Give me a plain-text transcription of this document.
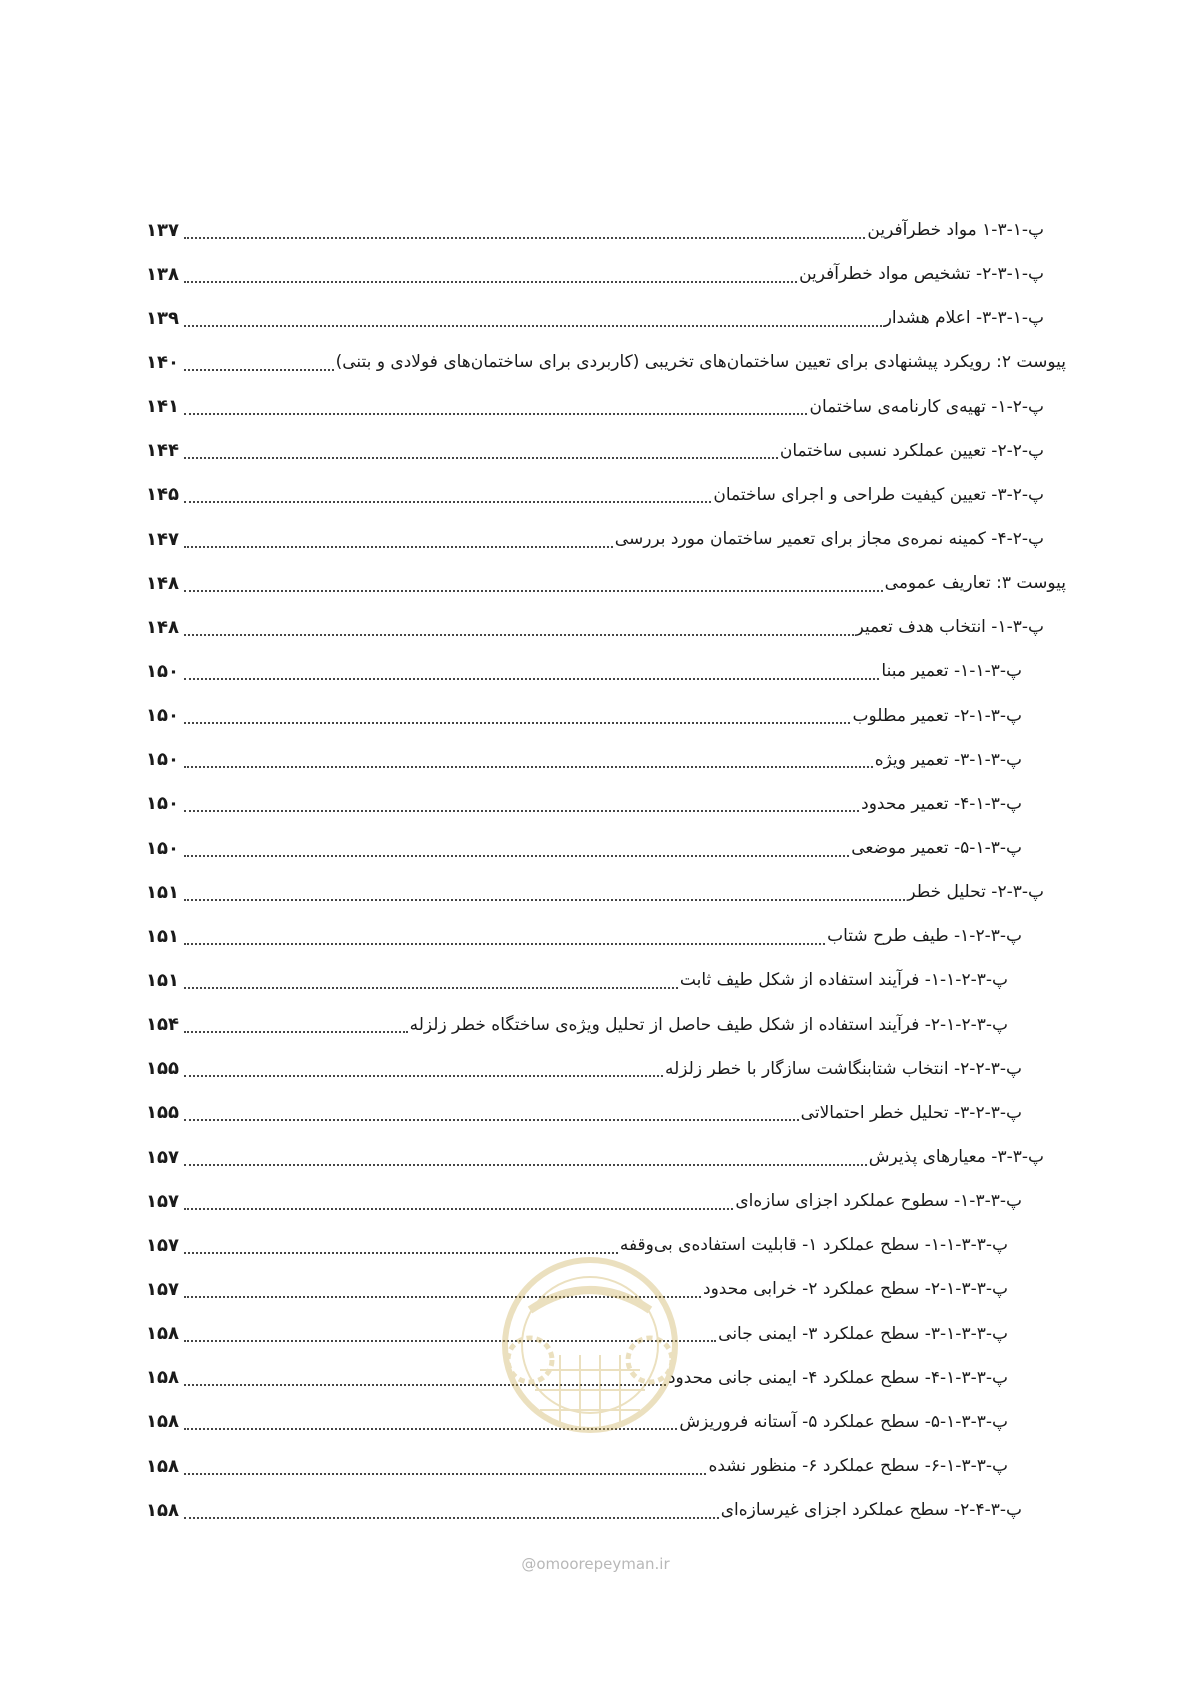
پ-۱-۳-۱ مواد خطرآفرین
۱۳۷
پ-۱-۳-۲- تشخیص مواد خطرآفرین
۱۳۸
پ-۱-۳-۳- اعلام هشدار
۱۳۹
پیوست ۲: رویکرد پیشنهادی برای تعیین ساختمان‌های تخریبی (کاربردی برای ساختمان‌های فولادی و بتنی)
۱۴۰
پ-۲-۱- تهیه‌ی کارنامه‌ی ساختمان
۱۴۱
پ-۲-۲- تعیین عملکرد نسبی ساختمان
۱۴۴
پ-۲-۳- تعیین کیفیت طراحی و اجرای ساختمان
۱۴۵
پ-۲-۴- کمینه نمره‌ی مجاز برای تعمیر ساختمان مورد بررسی
۱۴۷
پیوست ۳: تعاریف عمومی
۱۴۸
پ-۳-۱- انتخاب هدف تعمیر
۱۴۸
پ-۳-۱-۱- تعمیر مبنا
۱۵۰
پ-۳-۱-۲- تعمیر مطلوب
۱۵۰
پ-۳-۱-۳- تعمیر ویژه
۱۵۰
پ-۳-۱-۴- تعمیر محدود
۱۵۰
پ-۳-۱-۵- تعمیر موضعی
۱۵۰
پ-۳-۲- تحلیل خطر
۱۵۱
پ-۳-۲-۱- طیف طرح شتاب
۱۵۱
پ-۳-۲-۱-۱- فرآیند استفاده از شکل طیف ثابت
۱۵۱
پ-۳-۲-۱-۲- فرآیند استفاده از شکل طیف حاصل از تحلیل ویژه‌ی ساختگاه خطر زلزله
۱۵۴
پ-۳-۲-۲- انتخاب شتابنگاشت سازگار با خطر زلزله
۱۵۵
پ-۳-۲-۳- تحلیل خطر احتمالاتی
۱۵۵
پ-۳-۳- معیارهای پذیرش
۱۵۷
پ-۳-۳-۱- سطوح عملکرد اجزای سازه‌ای
۱۵۷
پ-۳-۳-۱-۱- سطح عملکرد ۱- قابلیت استفاده‌ی بی‌وقفه
۱۵۷
پ-۳-۳-۱-۲- سطح عملکرد ۲- خرابی محدود
۱۵۷
پ-۳-۳-۱-۳- سطح عملکرد ۳- ایمنی جانی
۱۵۸
پ-۳-۳-۱-۴- سطح عملکرد ۴- ایمنی جانی محدود
۱۵۸
پ-۳-۳-۱-۵- سطح عملکرد ۵- آستانه فروریزش
۱۵۸
پ-۳-۳-۱-۶- سطح عملکرد ۶- منظور نشده
۱۵۸
پ-۳-۴-۲- سطح عملکرد اجزای غیرسازه‌ای
۱۵۸
@omoorepeyman.ir
